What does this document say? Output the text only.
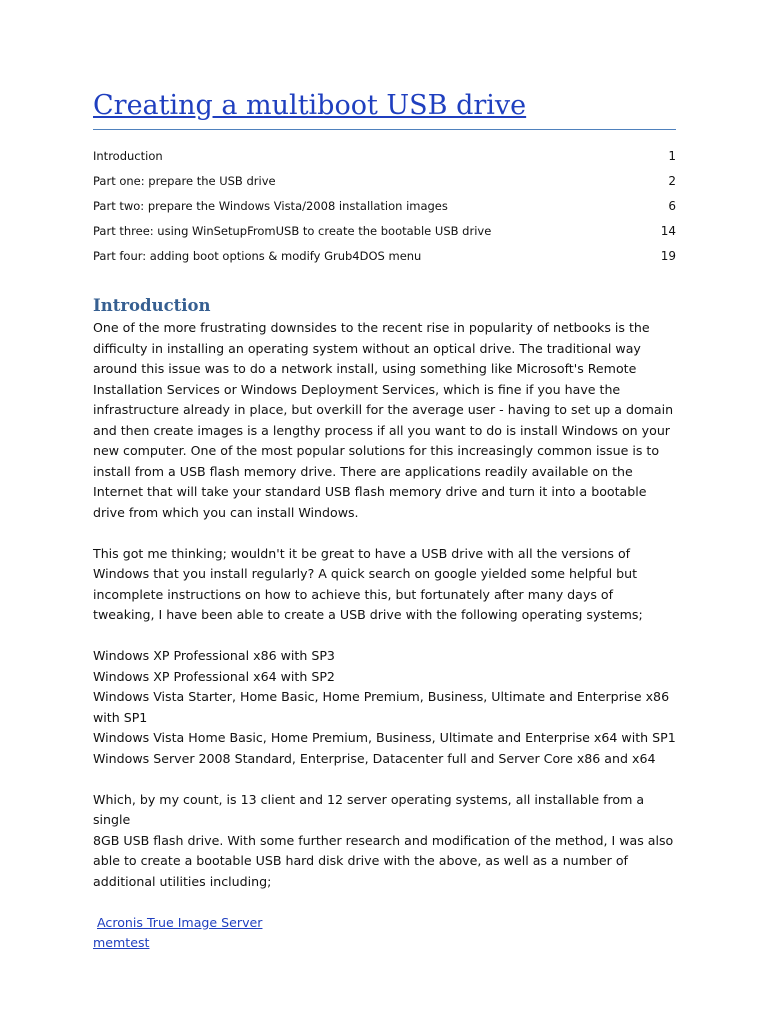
Creating a multiboot USB drive
Introduction	1
Part one: prepare the USB drive	2
Part two: prepare the Windows Vista/2008 installation images	6
Part three: using WinSetupFromUSB to create the bootable USB drive	14
Part four: adding boot options & modify Grub4DOS menu	19
Introduction
One of the more frustrating downsides to the recent rise in popularity of netbooks is the
difficulty in installing an operating system without an optical drive. The traditional way
around this issue was to do a network install, using something like Microsoft's Remote
Installation Services or Windows Deployment Services, which is fine if you have the
infrastructure already in place, but overkill for the average user - having to set up a domain
and then create images is a lengthy process if all you want to do is install Windows on your
new computer. One of the most popular solutions for this increasingly common issue is to
install from a USB flash memory drive. There are applications readily available on the
Internet that will take your standard USB flash memory drive and turn it into a bootable
drive from which you can install Windows.
This got me thinking; wouldn't it be great to have a USB drive with all the versions of
Windows that you install regularly? A quick search on google yielded some helpful but
incomplete instructions on how to achieve this, but fortunately after many days of
tweaking, I have been able to create a USB drive with the following operating systems;
Windows XP Professional x86 with SP3
Windows XP Professional x64 with SP2
Windows Vista Starter, Home Basic, Home Premium, Business, Ultimate and Enterprise x86
with SP1
Windows Vista Home Basic, Home Premium, Business, Ultimate and Enterprise x64 with SP1
Windows Server 2008 Standard, Enterprise, Datacenter full and Server Core x86 and x64
Which, by my count, is 13 client and 12 server operating systems, all installable from a single
8GB USB flash drive. With some further research and modification of the method, I was also
able to create a bootable USB hard disk drive with the above, as well as a number of
additional utilities including;
Acronis True Image Server
memtest
